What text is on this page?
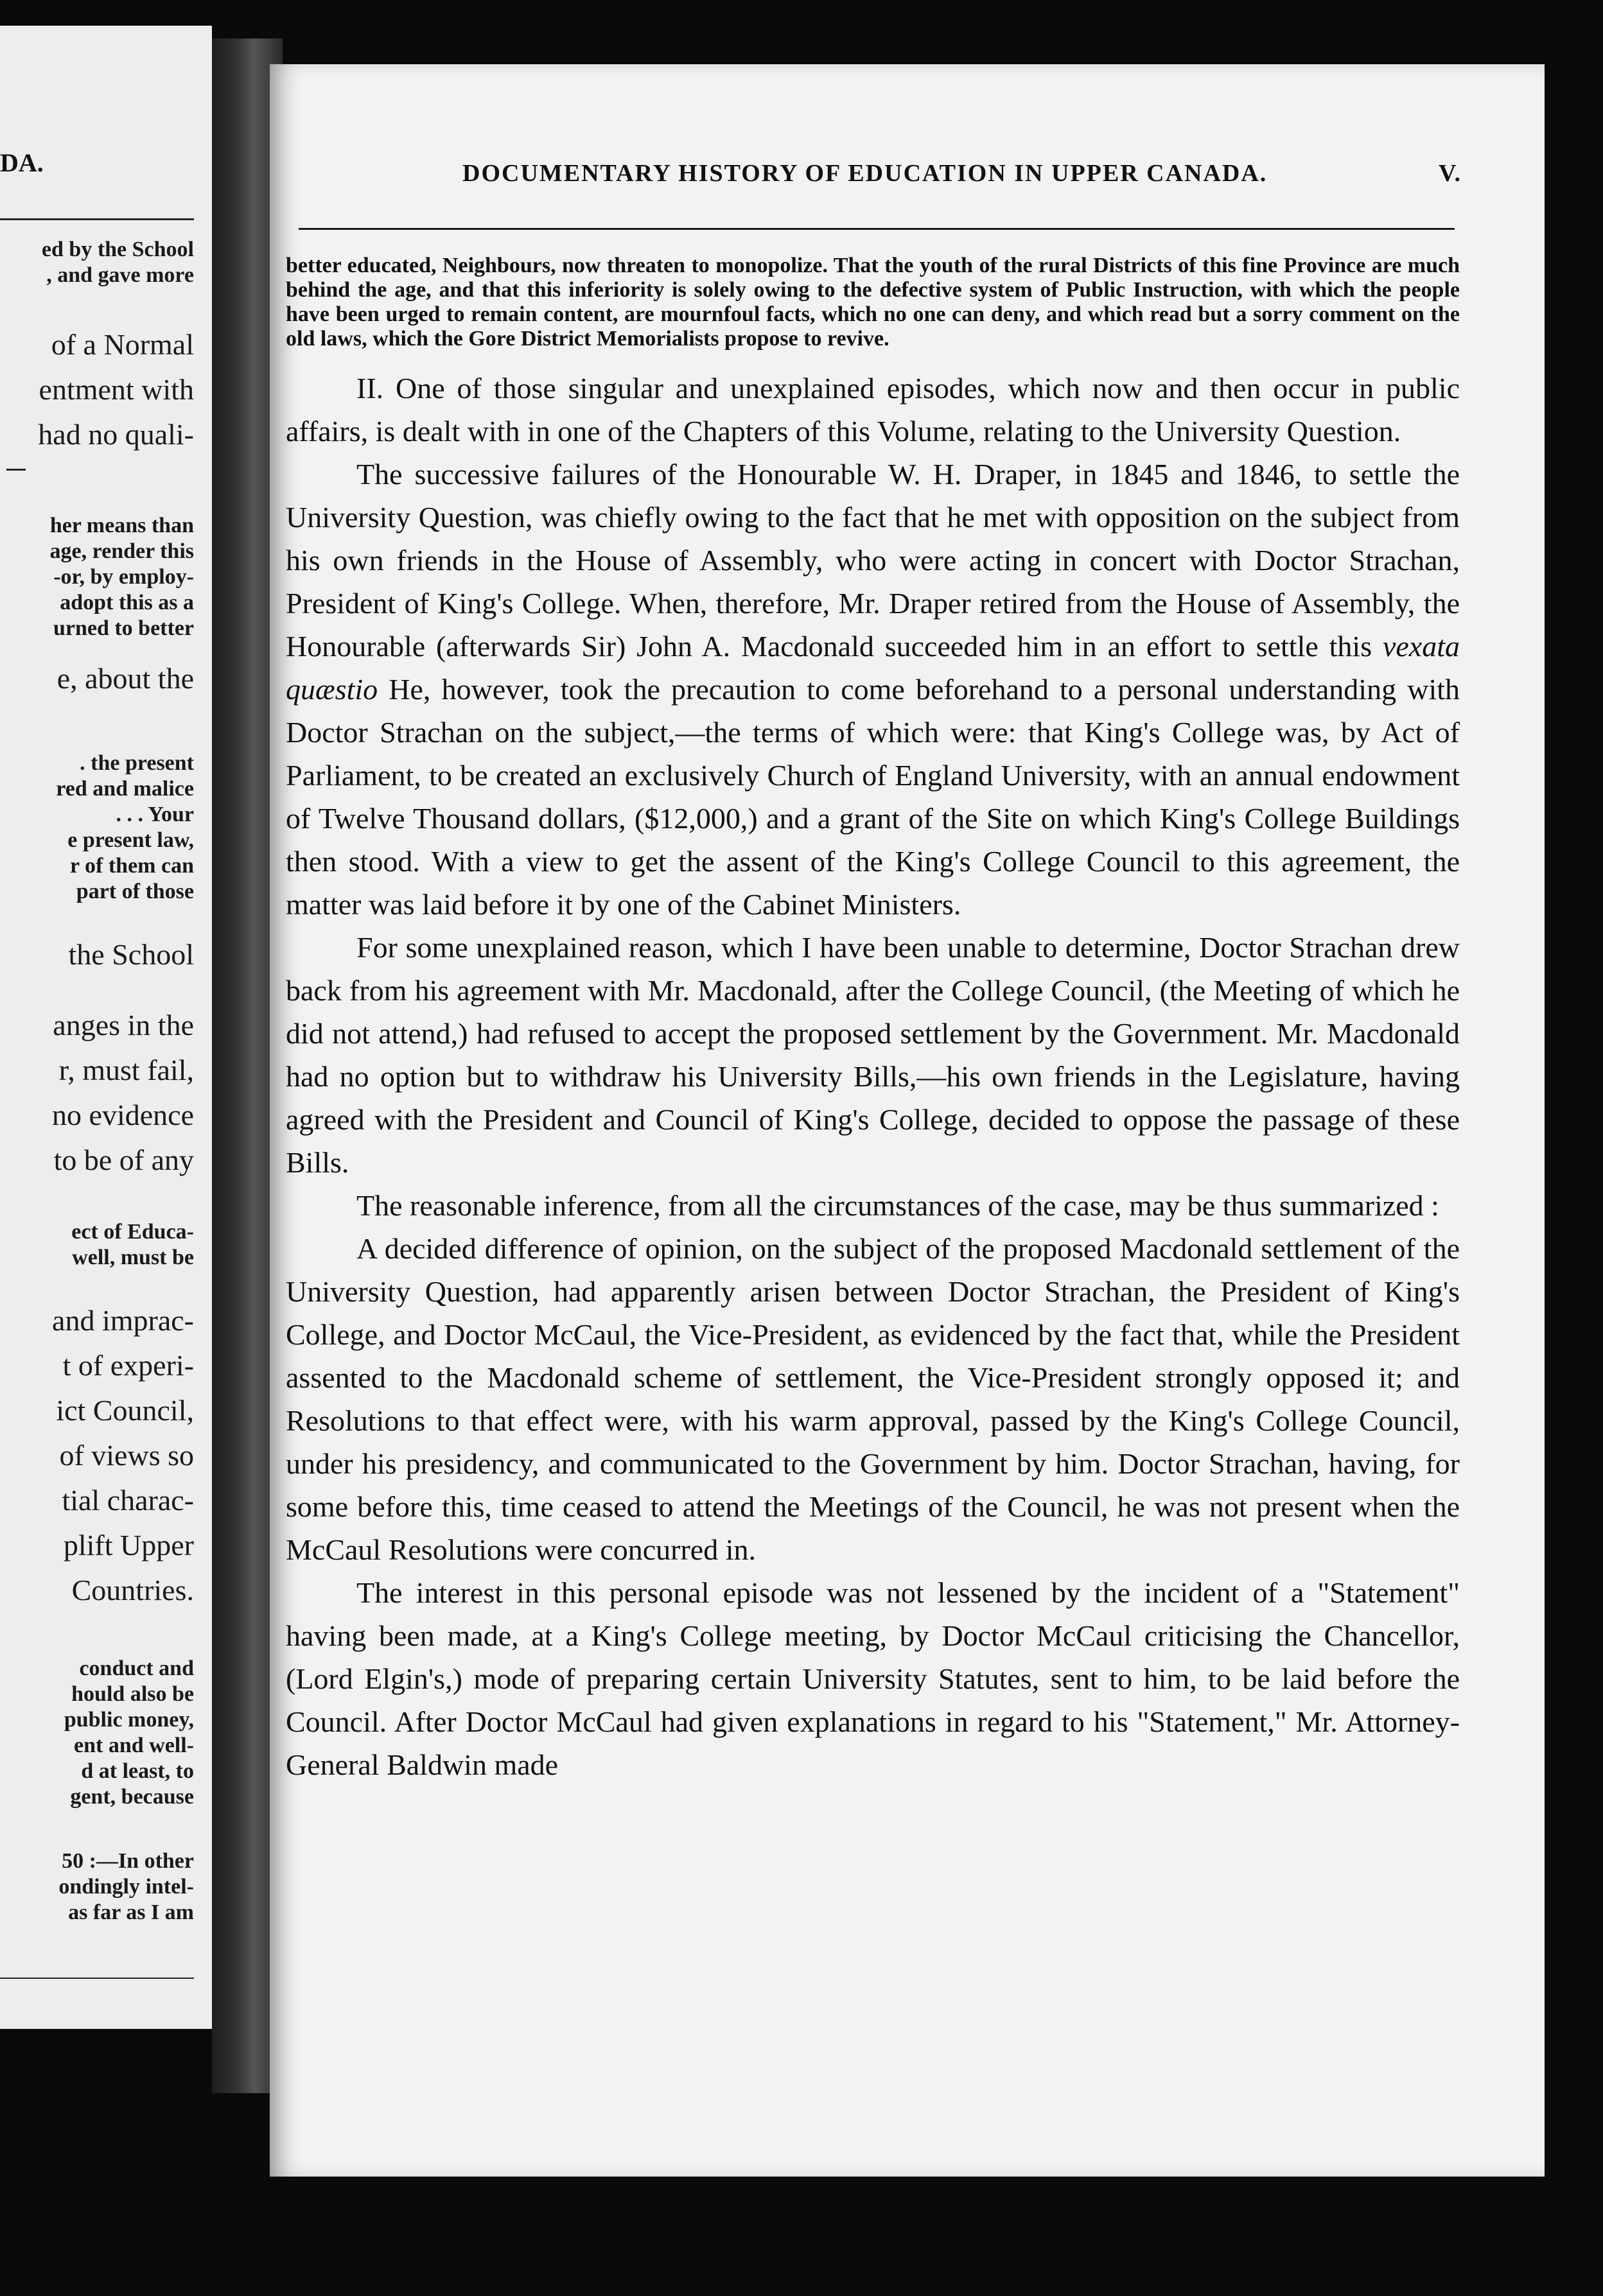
DA.
ed by the School
, and gave more
of a Normal
entment with
had no quali-
her means than
age, render this
-or, by employ-
adopt this as a
urned to better
e, about the
. the present
red and malice
. . . Your
e present law,
r of them can
part of those
the School
anges in the
r, must fail,
no evidence
to be of any
ect of Educa-
well, must be
and imprac-
t of experi-
ict Council,
of views so
tial charac-
plift Upper
Countries.
conduct and
hould also be
public money,
ent and well-
d at least, to
gent, because
50 :—In other
ondingly intel-
as far as I am
DOCUMENTARY HISTORY OF EDUCATION IN UPPER CANADA.	V.

better educated, Neighbours, now threaten to monopolize. That the youth of the rural Districts of this fine Province are much behind the age, and that this inferiority is solely owing to the defective system of Public Instruction, with which the people have been urged to remain content, are mournfoul facts, which no one can deny, and which read but a sorry comment on the old laws, which the Gore District Memorialists propose to revive.

II. One of those singular and unexplained episodes, which now and then occur in public affairs, is dealt with in one of the Chapters of this Volume, relating to the University Question.

The successive failures of the Honourable W. H. Draper, in 1845 and 1846, to settle the University Question, was chiefly owing to the fact that he met with opposition on the subject from his own friends in the House of Assembly, who were acting in concert with Doctor Strachan, President of King's College. When, therefore, Mr. Draper retired from the House of Assembly, the Honourable (afterwards Sir) John A. Macdonald succeeded him in an effort to settle this vexata quæstio He, however, took the precaution to come beforehand to a personal understanding with Doctor Strachan on the subject,—the terms of which were: that King's College was, by Act of Parliament, to be created an exclusively Church of England University, with an annual endowment of Twelve Thousand dollars, ($12,000,) and a grant of the Site on which King's College Buildings then stood. With a view to get the assent of the King's College Council to this agreement, the matter was laid before it by one of the Cabinet Ministers.

For some unexplained reason, which I have been unable to determine, Doctor Strachan drew back from his agreement with Mr. Macdonald, after the College Council, (the Meeting of which he did not attend,) had refused to accept the proposed settlement by the Government. Mr. Macdonald had no option but to withdraw his University Bills,—his own friends in the Legislature, having agreed with the President and Council of King's College, decided to oppose the passage of these Bills.

The reasonable inference, from all the circumstances of the case, may be thus summarized :

A decided difference of opinion, on the subject of the proposed Macdonald settlement of the University Question, had apparently arisen between Doctor Strachan, the President of King's College, and Doctor McCaul, the Vice-President, as evidenced by the fact that, while the President assented to the Macdonald scheme of settlement, the Vice-President strongly opposed it; and Resolutions to that effect were, with his warm approval, passed by the King's College Council, under his presidency, and communicated to the Government by him. Doctor Strachan, having, for some before this, time ceased to attend the Meetings of the Council, he was not present when the McCaul Resolutions were concurred in.

The interest in this personal episode was not lessened by the incident of a "Statement" having been made, at a King's College meeting, by Doctor McCaul criticising the Chancellor, (Lord Elgin's,) mode of preparing certain University Statutes, sent to him, to be laid before the Council. After Doctor McCaul had given explanations in regard to his "Statement," Mr. Attorney-General Baldwin made
